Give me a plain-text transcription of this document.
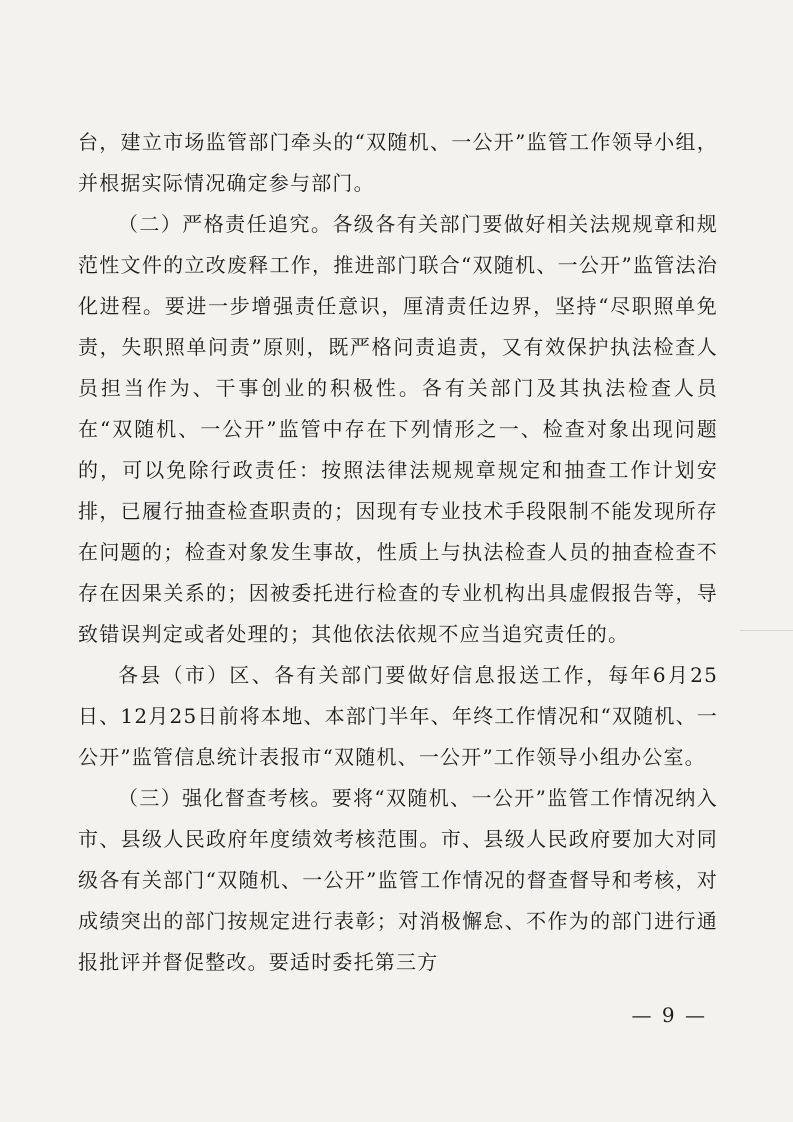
台，建立市场监管部门牵头的“双随机、一公开”监管工作领导小组，并根据实际情况确定参与部门。

（二）严格责任追究。各级各有关部门要做好相关法规规章和规范性文件的立改废释工作，推进部门联合“双随机、一公开”监管法治化进程。要进一步增强责任意识，厘清责任边界，坚持“尽职照单免责，失职照单问责”原则，既严格问责追责，又有效保护执法检查人员担当作为、干事创业的积极性。各有关部门及其执法检查人员在“双随机、一公开”监管中存在下列情形之一、检查对象出现问题的，可以免除行政责任：按照法律法规规章规定和抽查工作计划安排，已履行抽查检查职责的；因现有专业技术手段限制不能发现所存在问题的；检查对象发生事故，性质上与执法检查人员的抽查检查不存在因果关系的；因被委托进行检查的专业机构出具虚假报告等，导致错误判定或者处理的；其他依法依规不应当追究责任的。

各县（市）区、各有关部门要做好信息报送工作，每年6月25日、12月25日前将本地、本部门半年、年终工作情况和“双随机、一公开”监管信息统计表报市“双随机、一公开”工作领导小组办公室。

（三）强化督查考核。要将“双随机、一公开”监管工作情况纳入市、县级人民政府年度绩效考核范围。市、县级人民政府要加大对同级各有关部门“双随机、一公开”监管工作情况的督查督导和考核，对成绩突出的部门按规定进行表彰；对消极懈怠、不作为的部门进行通报批评并督促整改。要适时委托第三方

— 9 —
